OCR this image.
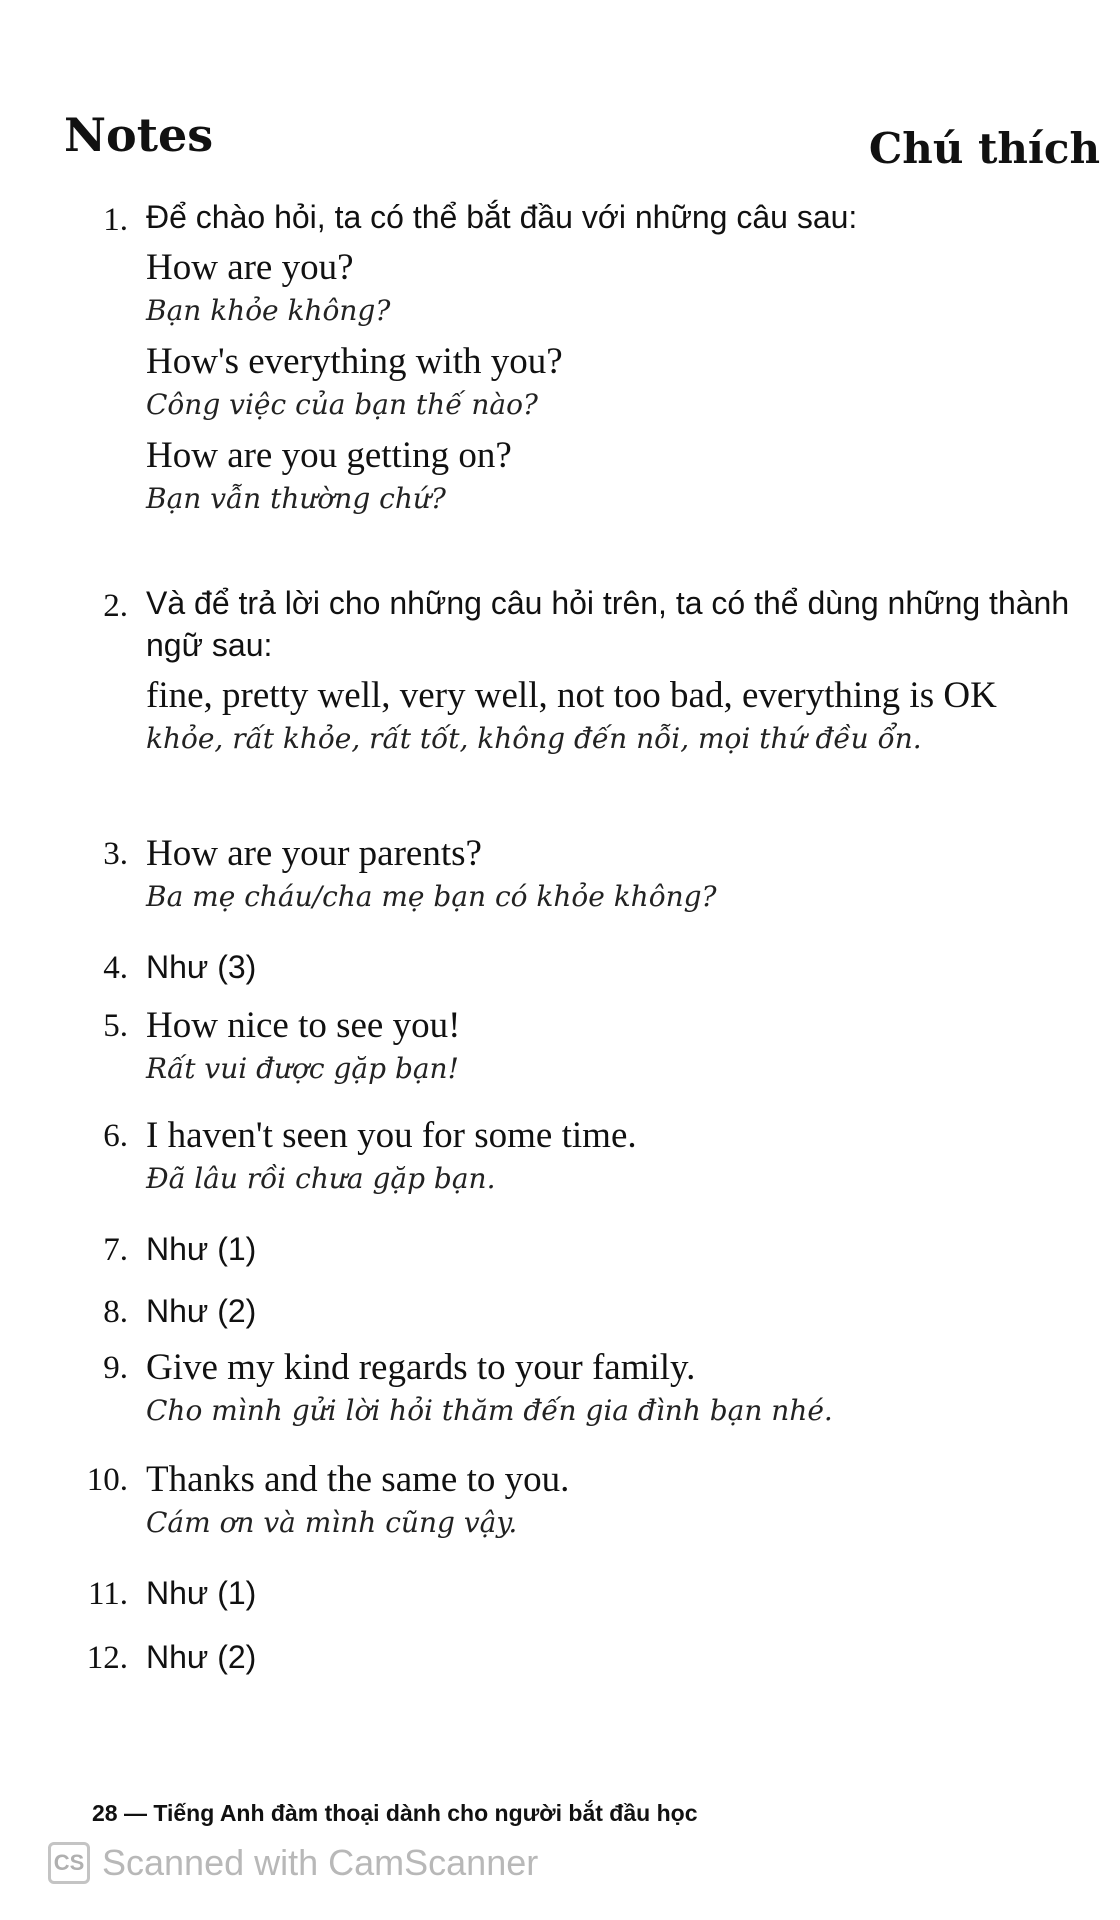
Notes	Chú thích
1. Để chào hỏi, ta có thể bắt đầu với những câu sau:
How are you?
Bạn khỏe không?
How's everything with you?
Công việc của bạn thế nào?
How are you getting on?
Bạn vẫn thường chứ?
2. Và để trả lời cho những câu hỏi trên, ta có thể dùng những thành ngữ sau:
fine, pretty well, very well, not too bad, everything is OK
khỏe, rất khỏe, rất tốt, không đến nỗi, mọi thứ đều ổn.
3. How are your parents?
Ba mẹ cháu/cha mẹ bạn có khỏe không?
4. Như (3)
5. How nice to see you!
Rất vui được gặp bạn!
6. I haven't seen you for some time.
Đã lâu rồi chưa gặp bạn.
7. Như (1)
8. Như (2)
9. Give my kind regards to your family.
Cho mình gửi lời hỏi thăm đến gia đình bạn nhé.
10. Thanks and the same to you.
Cám ơn và mình cũng vậy.
11. Như (1)
12. Như (2)
28 — Tiếng Anh đàm thoại dành cho người bắt đầu học
CS Scanned with CamScanner
